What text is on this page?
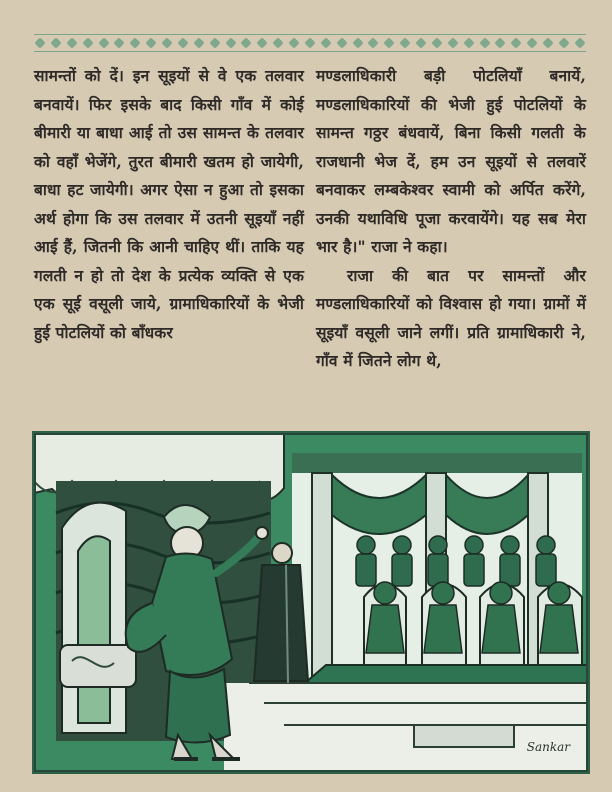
सामन्तों को दें। इन सूइयों से वे एक तलवार बनवायें। फिर इसके बाद किसी गाँव में कोई बीमारी या बाधा आई तो उस सामन्त के तलवार को वहाँ भेजेंगे, तुरत बीमारी खतम हो जायेगी, बाधा हट जायेगी। अगर ऐसा न हुआ तो इसका अर्थ होगा कि उस तलवार में उतनी सूइयाँ नहीं आई हैं, जितनी कि आनी चाहिए थीं। ताकि यह गलती न हो तो देश के प्रत्येक व्यक्ति से एक एक सूई वसूली जाये, ग्रामाधिकारियों के भेजी हुई पोटलियों को बाँधकर

मण्डलाधिकारी बड़ी पोटलियाँ बनायें, मण्डलाधिकारियों की भेजी हुई पोटलियों के सामन्त गठ्ठर बंधवायें, बिना किसी गलती के राजधानी भेज दें, हम उन सूइयों से तलवारें बनवाकर लम्बकेश्वर स्वामी को अर्पित करेंगे, उनकी यथाविधि पूजा करवायेंगे। यह सब मेरा भार है।" राजा ने कहा।

राजा की बात पर सामन्तों और मण्डलाधिकारियों को विश्वास हो गया। ग्रामों में सूइयाँ वसूली जाने लगीं। प्रति ग्रामाधिकारी ने, गाँव में जितने लोग थे,

Sankar
